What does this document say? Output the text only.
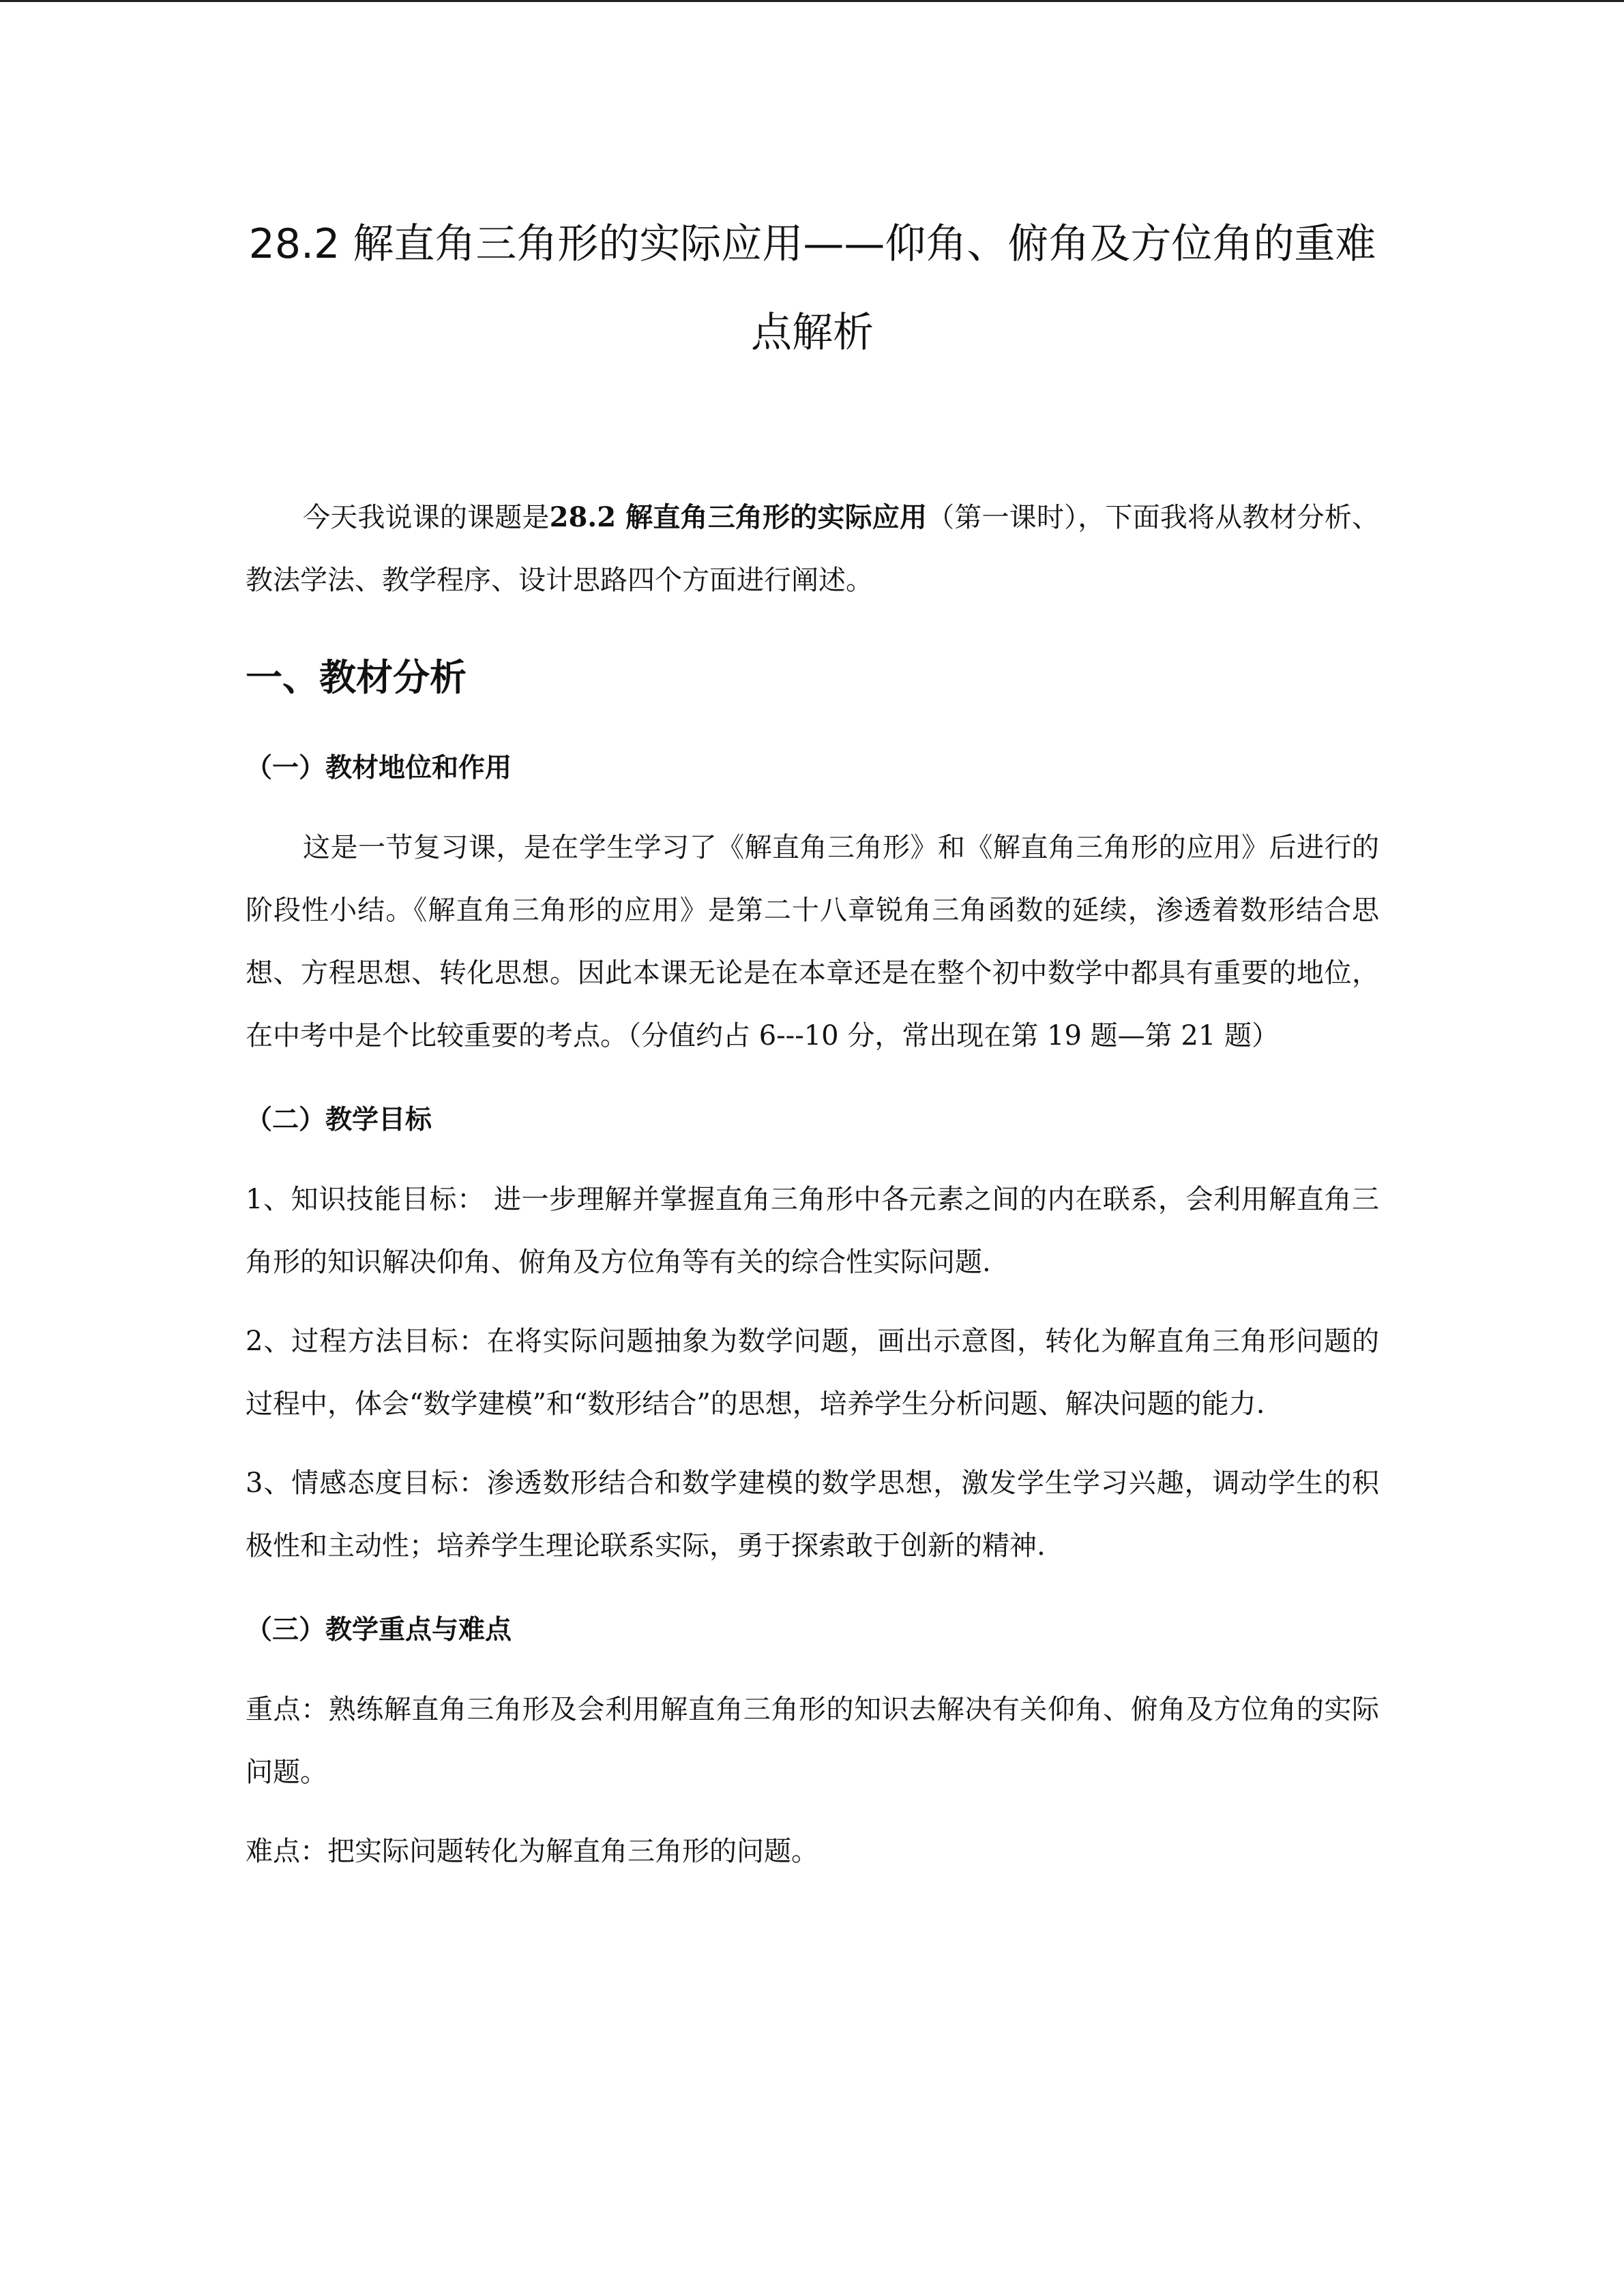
28.2 解直角三角形的实际应用——仰角、俯角及方位角的重难点解析

今天我说课的课题是28.2 解直角三角形的实际应用（第一课时），下面我将从教材分析、教法学法、教学程序、设计思路四个方面进行阐述。

一、教材分析
（一）教材地位和作用

这是一节复习课，是在学生学习了《解直角三角形》和《解直角三角形的应用》后进行的阶段性小结。《解直角三角形的应用》是第二十八章锐角三角函数的延续，渗透着数形结合思想、方程思想、转化思想。因此本课无论是在本章还是在整个初中数学中都具有重要的地位，在中考中是个比较重要的考点。（分值约占 6---10 分，常出现在第 19 题—第 21 题）

（二）教学目标

1、知识技能目标： 进一步理解并掌握直角三角形中各元素之间的内在联系，会利用解直角三角形的知识解决仰角、俯角及方位角等有关的综合性实际问题.

2、过程方法目标：在将实际问题抽象为数学问题，画出示意图，转化为解直角三角形问题的过程中，体会“数学建模”和“数形结合”的思想，培养学生分析问题、解决问题的能力.

3、情感态度目标：渗透数形结合和数学建模的数学思想，激发学生学习兴趣，调动学生的积极性和主动性；培养学生理论联系实际，勇于探索敢于创新的精神.

（三）教学重点与难点

重点：熟练解直角三角形及会利用解直角三角形的知识去解决有关仰角、俯角及方位角的实际问题。

难点：把实际问题转化为解直角三角形的问题。
